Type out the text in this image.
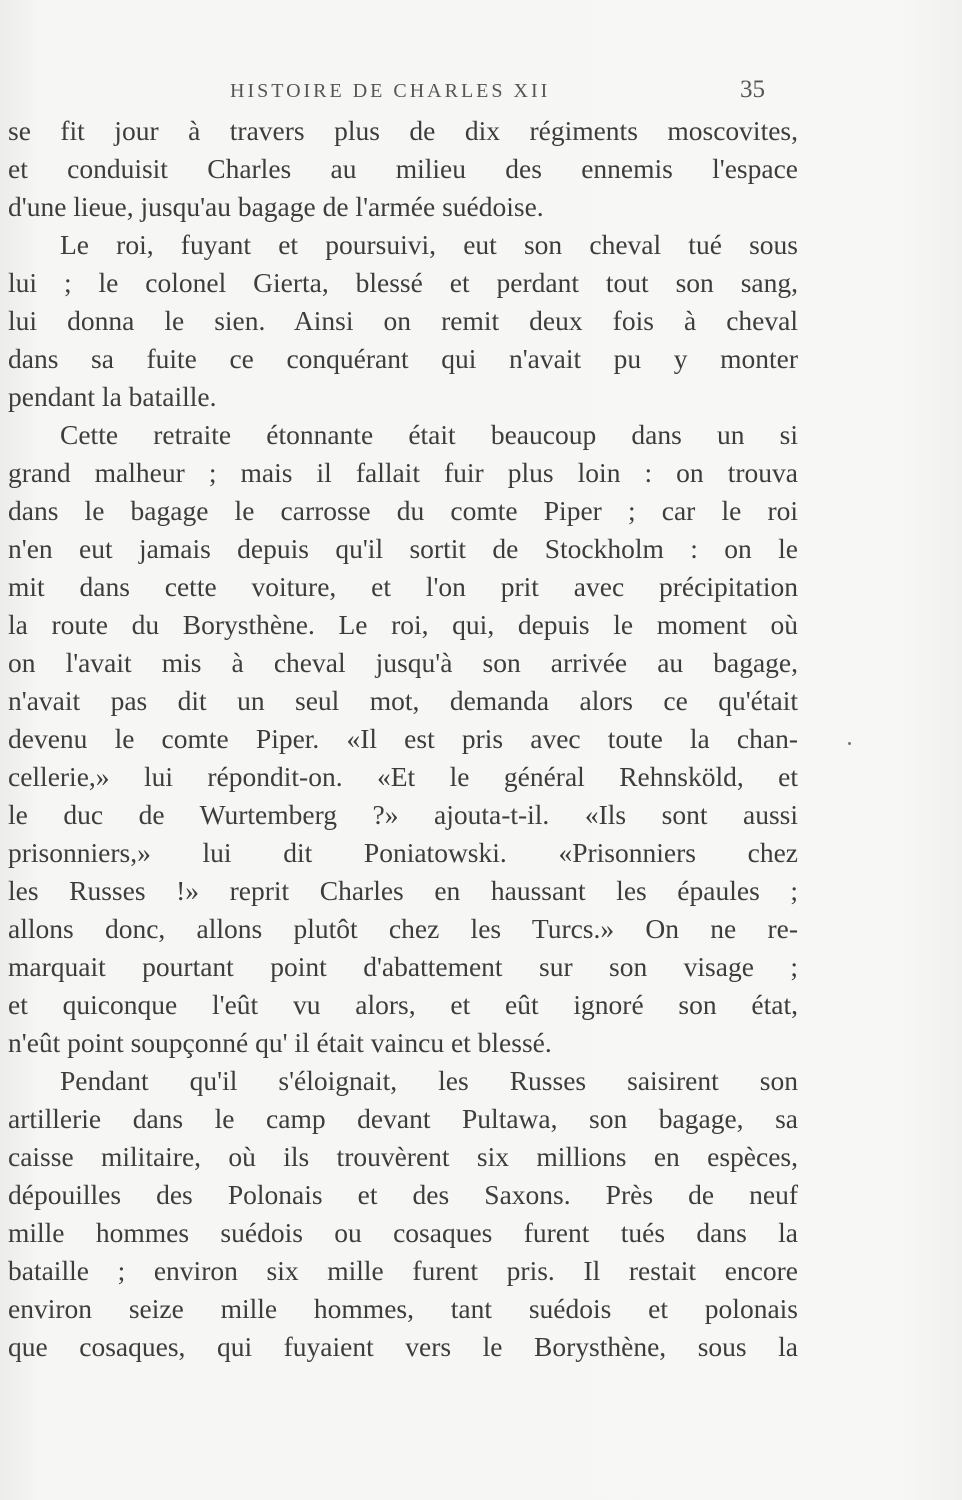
HISTOIRE DE CHARLES XII	35
se fit jour à travers plus de dix régiments moscovites,
et conduisit Charles au milieu des ennemis l'espace
d'une lieue, jusqu'au bagage de l'armée suédoise.
Le roi, fuyant et poursuivi, eut son cheval tué sous
lui ; le colonel Gierta, blessé et perdant tout son sang,
lui donna le sien. Ainsi on remit deux fois à cheval
dans sa fuite ce conquérant qui n'avait pu y monter
pendant la bataille.
Cette retraite étonnante était beaucoup dans un si
grand malheur ; mais il fallait fuir plus loin : on trouva
dans le bagage le carrosse du comte Piper ; car le roi
n'en eut jamais depuis qu'il sortit de Stockholm : on le
mit dans cette voiture, et l'on prit avec précipitation
la route du Borysthène. Le roi, qui, depuis le moment où
on l'avait mis à cheval jusqu'à son arrivée au bagage,
n'avait pas dit un seul mot, demanda alors ce qu'était
devenu le comte Piper. «Il est pris avec toute la chan-
cellerie,» lui répondit-on. «Et le général Rehnsköld, et
le duc de Wurtemberg ?» ajouta-t-il. «Ils sont aussi
prisonniers,» lui dit Poniatowski. «Prisonniers chez
les Russes !» reprit Charles en haussant les épaules ;
allons donc, allons plutôt chez les Turcs.» On ne re-
marquait pourtant point d'abattement sur son visage ;
et quiconque l'eût vu alors, et eût ignoré son état,
n'eût point soupçonné qu' il était vaincu et blessé.
Pendant qu'il s'éloignait, les Russes saisirent son
artillerie dans le camp devant Pultawa, son bagage, sa
caisse militaire, où ils trouvèrent six millions en espèces,
dépouilles des Polonais et des Saxons. Près de neuf
mille hommes suédois ou cosaques furent tués dans la
bataille ; environ six mille furent pris. Il restait encore
environ seize mille hommes, tant suédois et polonais
que cosaques, qui fuyaient vers le Borysthène, sous la
